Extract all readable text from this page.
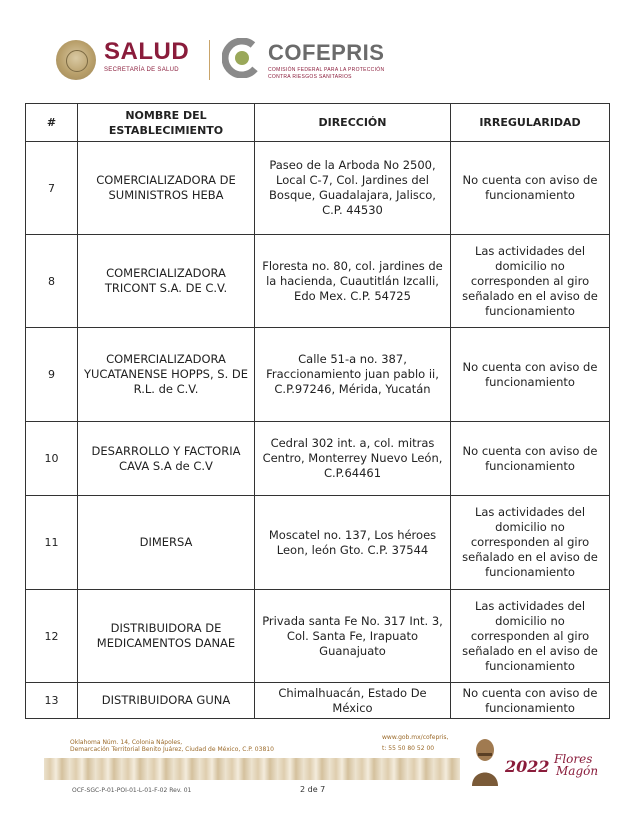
SALUD
SECRETARÍA DE SALUD
COFEPRIS
COMISIÓN FEDERAL PARA LA PROTECCIÓN
CONTRA RIESGOS SANITARIOS
#	NOMBRE DEL ESTABLECIMIENTO	DIRECCIÓN	IRREGULARIDAD
7	COMERCIALIZADORA DE SUMINISTROS HEBA	Paseo de la Arboda No 2500, Local C-7, Col. Jardines del Bosque, Guadalajara, Jalisco, C.P. 44530	No cuenta con aviso de funcionamiento
8	COMERCIALIZADORA TRICONT S.A. DE C.V.	Floresta no. 80, col. jardines de la hacienda, Cuautitlán Izcalli, Edo Mex. C.P. 54725	Las actividades del domicilio no corresponden al giro señalado en el aviso de funcionamiento
9	COMERCIALIZADORA YUCATANENSE HOPPS, S. DE R.L. de C.V.	Calle 51-a no. 387, Fraccionamiento juan pablo ii, C.P.97246, Mérida, Yucatán	No cuenta con aviso de funcionamiento
10	DESARROLLO Y FACTORIA CAVA S.A de C.V	Cedral 302 int. a, col. mitras Centro, Monterrey Nuevo León, C.P.64461	No cuenta con aviso de funcionamiento
11	DIMERSA	Moscatel no. 137, Los héroes Leon, león Gto. C.P. 37544	Las actividades del domicilio no corresponden al giro señalado en el aviso de funcionamiento
12	DISTRIBUIDORA DE MEDICAMENTOS DANAE	Privada santa Fe No. 317 Int. 3, Col. Santa Fe, Irapuato Guanajuato	Las actividades del domicilio no corresponden al giro señalado en el aviso de funcionamiento
13	DISTRIBUIDORA GUNA	Chimalhuacán, Estado De México	No cuenta con aviso de funcionamiento
Oklahoma Núm. 14, Colonia Nápoles,
Demarcación Territorial Benito Juárez, Ciudad de México, C.P. 03810
www.gob.mx/cofepris,
t: 55 50 80 52 00
2022 Flores
Magón
OCF-SGC-P-01-POI-01-L-01-F-02 Rev. 01	2 de 7
